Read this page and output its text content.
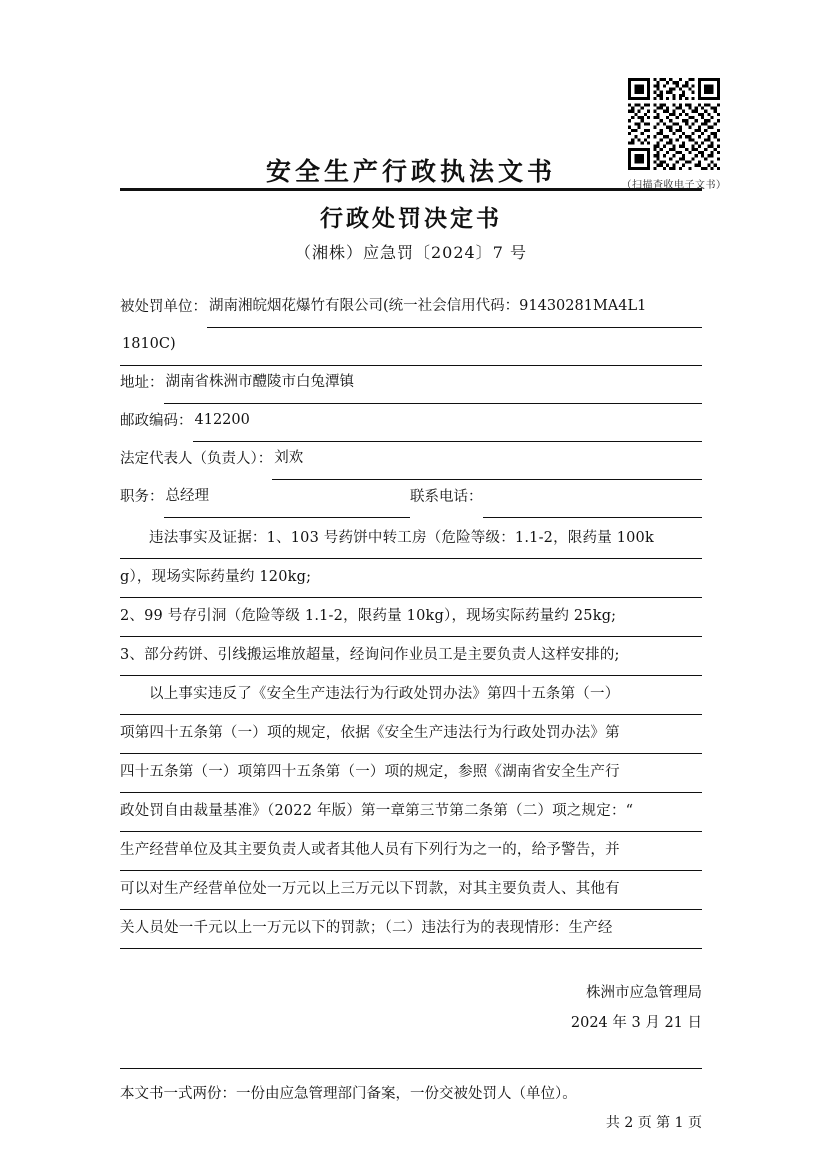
（扫描查收电子文书）
安全生产行政执法文书
行政处罚决定书
（湘株）应急罚〔2024〕7 号
被处罚单位： 湖南湘皖烟花爆竹有限公司(统一社会信用代码：91430281MA4L1
1810C)
地址： 湖南省株洲市醴陵市白兔潭镇
邮政编码： 412200
法定代表人（负责人）： 刘欢
职务： 总经理	联系电话：
违法事实及证据：1、103 号药饼中转工房（危险等级：1.1-2，限药量 100k
g），现场实际药量约 120kg;
2、99 号存引洞（危险等级 1.1-2，限药量 10kg），现场实际药量约 25kg;
3、部分药饼、引线搬运堆放超量，经询问作业员工是主要负责人这样安排的;
以上事实违反了《安全生产违法行为行政处罚办法》第四十五条第（一）
项第四十五条第（一）项的规定，依据《安全生产违法行为行政处罚办法》第
四十五条第（一）项第四十五条第（一）项的规定，参照《湖南省安全生产行
政处罚自由裁量基准》（2022 年版）第一章第三节第二条第（二）项之规定：“
生产经营单位及其主要负责人或者其他人员有下列行为之一的，给予警告，并
可以对生产经营单位处一万元以上三万元以下罚款，对其主要负责人、其他有
关人员处一千元以上一万元以下的罚款；（二）违法行为的表现情形：生产经
株洲市应急管理局
2024 年 3 月 21 日
本文书一式两份：一份由应急管理部门备案，一份交被处罚人（单位）。
共 2 页 第 1 页
